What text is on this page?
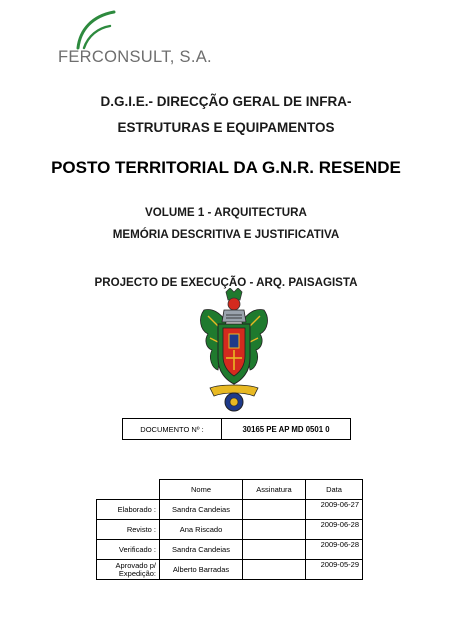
FERCONSULT, S.A.
D.G.I.E.- DIRECÇÃO GERAL DE INFRA-
ESTRUTURAS E EQUIPAMENTOS
POSTO TERRITORIAL DA G.N.R. RESENDE
VOLUME 1 - ARQUITECTURA
MEMÓRIA DESCRITIVA E JUSTIFICATIVA
PROJECTO DE EXECUÇÃO - ARQ. PAISAGISTA
DOCUMENTO Nº :	30165 PE AP MD 0501 0
	Nome	Assinatura	Data
Elaborado :	Sandra Candeias		2009-06-27
Revisto :	Ana Riscado		2009-06-28
Verificado :	Sandra Candeias		2009-06-28

Aprovado p/
Expedição:	Alberto Barradas		2009-05-29
